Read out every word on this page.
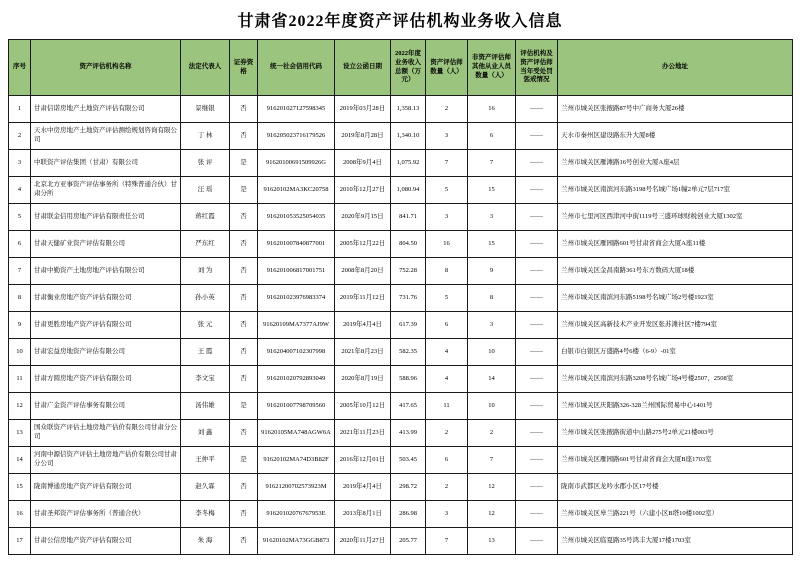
甘肃省2022年度资产评估机构业务收入信息
序号	资产评估机构名称	法定代表人	证券资格	统一社会信用代码	设立公函日期	2022年度业务收入总额（万元）	资产评估师数量（人）	非资产评估师其他从业人员数量（人）	评估机构及资产评估师当年受处罚惩戒情况	办公地址
1	甘肃信诺房地产土地资产评估有限公司	景继银	否	916201027127598345	2019年03月28日	1,358.13	2	16	——	兰州市城关区张掖路87号中广商务大厦26楼
2	天水中房房地产土地资产评估测绘规划咨询有限公司	丁 林	否	916205023716179526	2019年8月28日	1,340.10	3	6	——	天水市秦州区建设路东升大厦8楼
3	中联资产评估集团（甘肃）有限公司	张 评	是	91620100691509926G	2008年9月4日	1,075.92	7	7	——	兰州市城关区雁滩路16号创业大厦A座4层
4	北京北方亚事资产评估事务所（特殊普通合伙）甘肃分所	汪 瑶	是	91620102MA3KC20758	2010年12月27日	1,080.94	5	15	——	兰州市城关区南滨河东路3198号名城广场1幢2单元7层717室
5	甘肃联金信用房地产评估有限责任公司	蒋红霞	否	916201053525054035	2020年9月15日	841.71	3	3	——	兰州市七里河区西津河中街1119号三盛环球财税创业大厦1302室
6	甘肃天健矿业资产评估有限公司	严东红	否	916201007840877001	2005年12月22日	804.50	16	15	——	兰州市城关区雁园路601号甘肃省商会大厦A座11楼
7	甘肃中勤资产土地房地产评估有限公司	刘 为	否	916201006817001751	2008年8月20日	752.28	8	9	——	兰州市城关区金昌南路361号东方数码大厦18楼
8	甘肃衡业房地产资产评估有限公司	孙小英	否	916201023976983374	2019年11月12日	731.76	5	8	——	兰州市城关区南滨河东路5198号名城广场2号楼1923室
9	甘肃更胜房地产资产评估有限公司	张 元	否	91620109MA7377AJ9W	2019年4月4日	617.39	6	3	——	兰州市城关区高新技术产业开发区张苏滩社区7楼794室
10	甘肃宏益房地资产评估有限公司	王 霞	否	916204007102307998	2021年8月23日	582.35	4	10	——	白银市白银区万盛路4号6楼（6-9）-01室
11	甘肃方圆房地产资产评估有限公司	李文宝	否	916201020792893049	2020年8月19日	588.96	4	14	——	兰州市城关区南滨河东路3208号名城广场4号楼2507、2508室
12	甘肃广金资产评估事务有限公司	汤伟雄	是	916201007798709560	2005年10月12日	417.65	11	10	——	兰州市城关区庆阳路326-328兰州国际贸易中心1401号
13	国众联资产评估土地房地产估价有限公司甘肃分公司	刘 鑫	否	91620105MA748AGW6A	2021年11月23日	413.99	2	2	——	兰州市城关区张掖路街道中山路275号2单元21楼003号
14	河南中源信资产评估土地房地产估价有限公司甘肃分公司	王仲平	是	91620102MA74D3B82F	2016年12月01日	503.45	6	7	——	兰州市城关区雁园路601号甘肃省商会大厦B座1703室
15	陇南博通房地产资产评估有限公司	赵久霖	否	91621200702573923M	2019年4月4日	298.72	2	12	——	陇南市武都区龙吟水郡小区17号楼
16	甘肃圣邦资产评估事务所（普通合伙）	李冬梅	否	91620102076767953E	2013年8月1日	286.98	3	12	——	兰州市城关区皋兰路221号（六建小区B塔10楼1002室）
17	甘肃公信房地产资产评估有限公司	朱 海	否	91620102MA73GGB873	2020年11月27日	205.77	7	13	——	兰州市城关区临夏路35号鸿丰大厦17楼1703室
